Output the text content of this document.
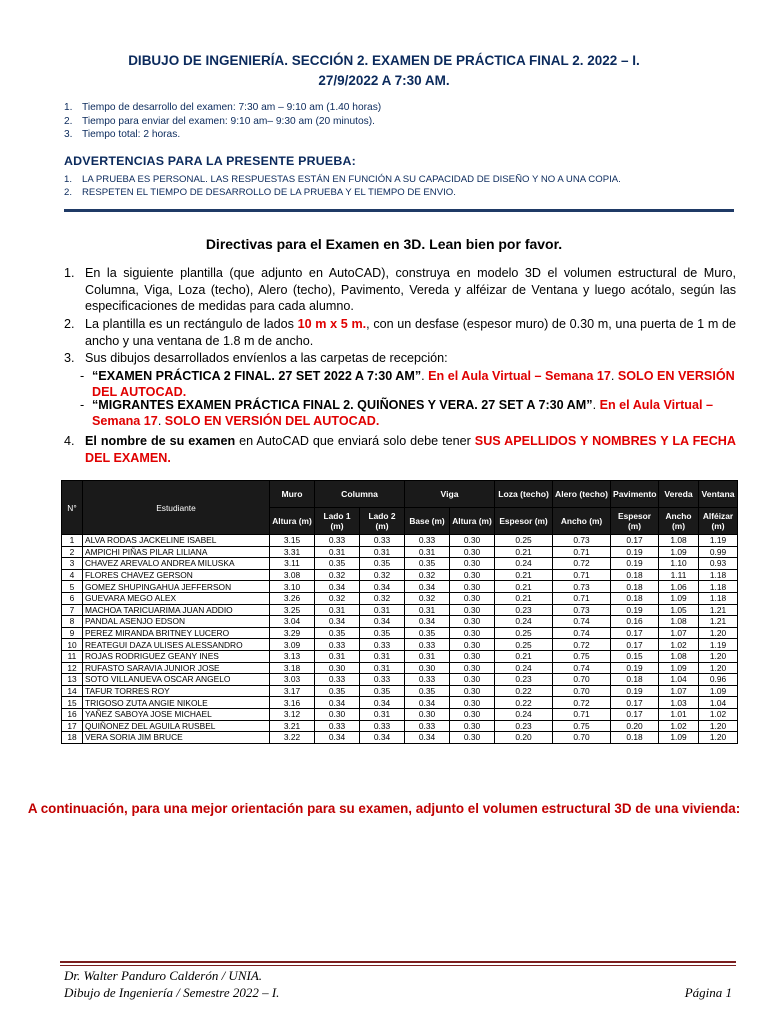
DIBUJO DE INGENIERÍA. SECCIÓN 2. EXAMEN DE PRÁCTICA FINAL 2. 2022 – I.
27/9/2022 A 7:30 AM.
1. Tiempo de desarrollo del examen: 7:30 am – 9:10 am (1.40 horas)
2. Tiempo para enviar del examen: 9:10 am– 9:30 am (20 minutos).
3. Tiempo total: 2 horas.
ADVERTENCIAS PARA LA PRESENTE PRUEBA:
1. LA PRUEBA ES PERSONAL. LAS RESPUESTAS ESTÁN EN FUNCIÓN A SU CAPACIDAD DE DISEÑO Y NO A UNA COPIA.
2. RESPETEN EL TIEMPO DE DESARROLLO DE LA PRUEBA Y EL TIEMPO DE ENVIO.
Directivas para el Examen en 3D. Lean bien por favor.
1. En la siguiente plantilla (que adjunto en AutoCAD), construya en modelo 3D el volumen estructural de Muro, Columna, Viga, Loza (techo), Alero (techo), Pavimento, Vereda y alféizar de Ventana y luego acótalo, según las especificaciones de medidas para cada alumno.
2. La plantilla es un rectángulo de lados 10 m x 5 m., con un desfase (espesor muro) de 0.30 m, una puerta de 1 m de ancho y una ventana de 1.8 m de ancho.
3. Sus dibujos desarrollados envíenlos a las carpetas de recepción:
- “EXAMEN PRÁCTICA 2 FINAL. 27 SET 2022 A 7:30 AM”. En el Aula Virtual – Semana 17. SOLO EN VERSIÓN DEL AUTOCAD.
- “MIGRANTES EXAMEN PRÁCTICA FINAL 2. QUIÑONES Y VERA. 27 SET A 7:30 AM”. En el Aula Virtual – Semana 17. SOLO EN VERSIÓN DEL AUTOCAD.
4. El nombre de su examen en AutoCAD que enviará solo debe tener SUS APELLIDOS Y NOMBRES Y LA FECHA DEL EXAMEN.
N°	Estudiante	Muro	Columna		Viga		Loza (techo)	Alero (techo)	Pavimento	Vereda	Ventana
		Altura (m)	Lado 1 (m)	Lado 2 (m)	Base (m)	Altura (m)	Espesor (m)	Ancho (m)	Espesor (m)	Ancho (m)	Alféizar (m)
1	ALVA RODAS JACKELINE ISABEL	3.15	0.33	0.33	0.33	0.30	0.25	0.73	0.17	1.08	1.19
2	AMPICHI PIÑAS PILAR LILIANA	3.31	0.31	0.31	0.31	0.30	0.21	0.71	0.19	1.09	0.99
3	CHAVEZ AREVALO ANDREA MILUSKA	3.11	0.35	0.35	0.35	0.30	0.24	0.72	0.19	1.10	0.93
4	FLORES CHAVEZ GERSON	3.08	0.32	0.32	0.32	0.30	0.21	0.71	0.18	1.11	1.18
5	GOMEZ SHUPINGAHUA JEFFERSON	3.10	0.34	0.34	0.34	0.30	0.21	0.73	0.18	1.06	1.18
6	GUEVARA MEGO ALEX	3.26	0.32	0.32	0.32	0.30	0.21	0.71	0.18	1.09	1.18
7	MACHOA TARICUARIMA JUAN ADDIO	3.25	0.31	0.31	0.31	0.30	0.23	0.73	0.19	1.05	1.21
8	PANDAL ASENJO EDSON	3.04	0.34	0.34	0.34	0.30	0.24	0.74	0.16	1.08	1.21
9	PEREZ MIRANDA BRITNEY LUCERO	3.29	0.35	0.35	0.35	0.30	0.25	0.74	0.17	1.07	1.20
10	REATEGUI DAZA ULISES ALESSANDRO	3.09	0.33	0.33	0.33	0.30	0.25	0.72	0.17	1.02	1.19
11	ROJAS RODRIGUEZ GEANY INES	3.13	0.31	0.31	0.31	0.30	0.21	0.75	0.15	1.08	1.20
12	RUFASTO SARAVIA JUNIOR JOSE	3.18	0.30	0.31	0.30	0.30	0.24	0.74	0.19	1.09	1.20
13	SOTO VILLANUEVA OSCAR ANGELO	3.03	0.33	0.33	0.33	0.30	0.23	0.70	0.18	1.04	0.96
14	TAFUR TORRES ROY	3.17	0.35	0.35	0.35	0.30	0.22	0.70	0.19	1.07	1.09
15	TRIGOSO ZUTA ANGIE NIKOLE	3.16	0.34	0.34	0.34	0.30	0.22	0.72	0.17	1.03	1.04
16	YAÑEZ SABOYA JOSE MICHAEL	3.12	0.30	0.31	0.30	0.30	0.24	0.71	0.17	1.01	1.02
17	QUIÑONEZ DEL AGUILA RUSBEL	3.21	0.33	0.33	0.33	0.30	0.23	0.75	0.20	1.02	1.20
18	VERA SORIA JIM BRUCE	3.22	0.34	0.34	0.34	0.30	0.20	0.70	0.18	1.09	1.20
A continuación, para una mejor orientación para su examen, adjunto el volumen estructural 3D de una vivienda:
Dr. Walter Panduro Calderón / UNIA.
Dibujo de Ingeniería / Semestre 2022 – I.	Página 1
